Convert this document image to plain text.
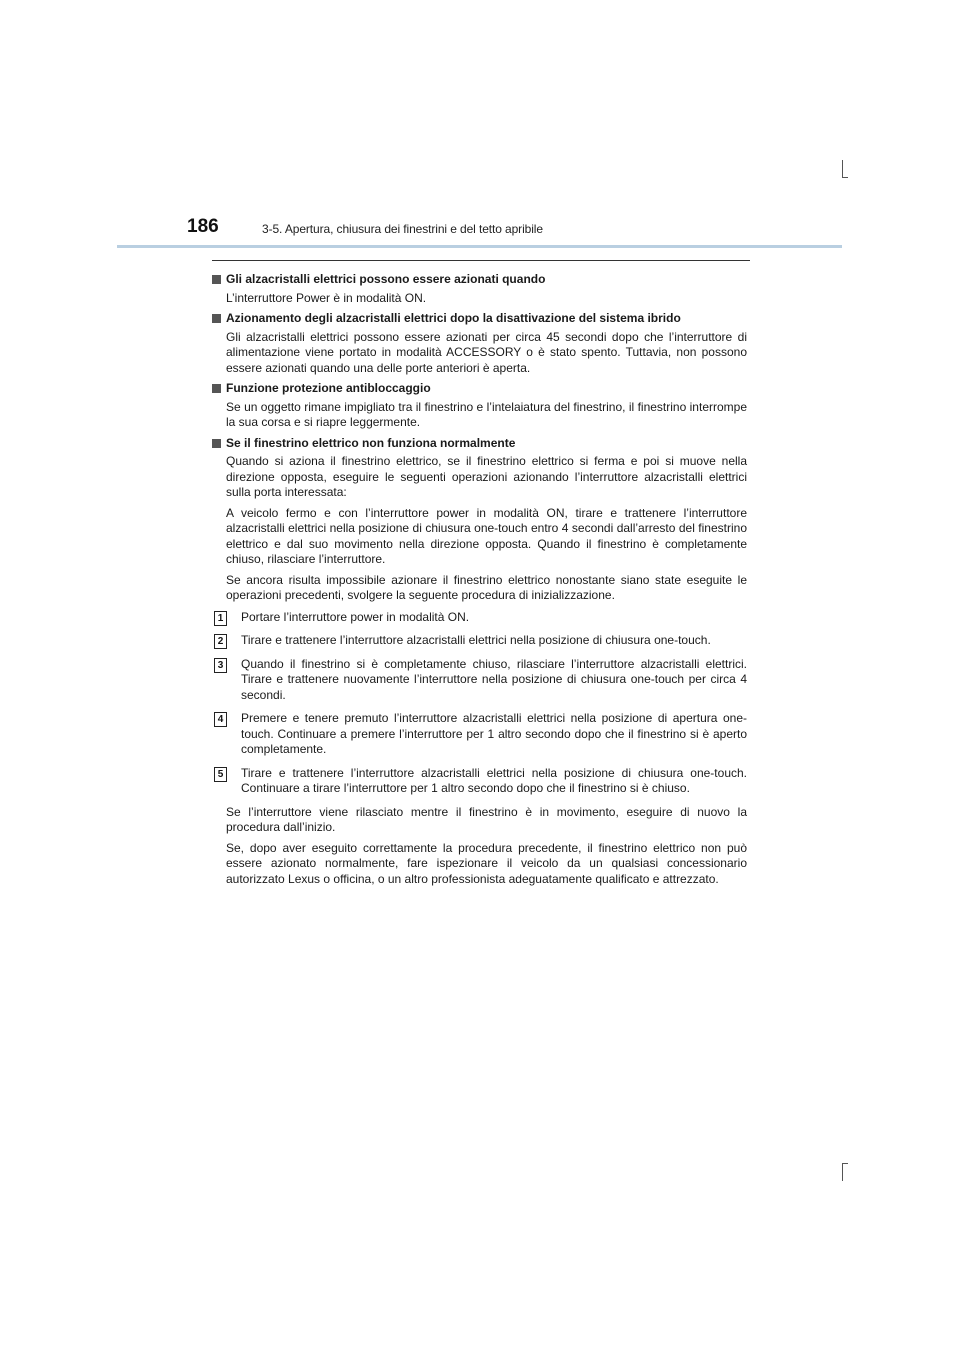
186	3-5. Apertura, chiusura dei finestrini e del tetto apribile
Gli alzacristalli elettrici possono essere azionati quando
L’interruttore Power è in modalità ON.
Azionamento degli alzacristalli elettrici dopo la disattivazione del sistema ibrido
Gli alzacristalli elettrici possono essere azionati per circa 45 secondi dopo che l’interruttore di alimentazione viene portato in modalità ACCESSORY o è stato spento. Tuttavia, non possono essere azionati quando una delle porte anteriori è aperta.
Funzione protezione antibloccaggio
Se un oggetto rimane impigliato tra il finestrino e l’intelaiatura del finestrino, il finestrino interrompe la sua corsa e si riapre leggermente.
Se il finestrino elettrico non funziona normalmente
Quando si aziona il finestrino elettrico, se il finestrino elettrico si ferma e poi si muove nella direzione opposta, eseguire le seguenti operazioni azionando l’interruttore alzacristalli elettrici sulla porta interessata:
A veicolo fermo e con l’interruttore power in modalità ON, tirare e trattenere l’interruttore alzacristalli elettrici nella posizione di chiusura one-touch entro 4 secondi dall’arresto del finestrino elettrico e dal suo movimento nella direzione opposta. Quando il finestrino è completamente chiuso, rilasciare l’interruttore.
Se ancora risulta impossibile azionare il finestrino elettrico nonostante siano state eseguite le operazioni precedenti, svolgere la seguente procedura di inizializzazione.
1	Portare l’interruttore power in modalità ON.
2	Tirare e trattenere l’interruttore alzacristalli elettrici nella posizione di chiusura one-touch.
3	Quando il finestrino si è completamente chiuso, rilasciare l’interruttore alzacristalli elettrici. Tirare e trattenere nuovamente l’interruttore nella posizione di chiusura one-touch per circa 4 secondi.
4	Premere e tenere premuto l’interruttore alzacristalli elettrici nella posizione di apertura one-touch. Continuare a premere l’interruttore per 1 altro secondo dopo che il finestrino si è aperto completamente.
5	Tirare e trattenere l’interruttore alzacristalli elettrici nella posizione di chiusura one-touch. Continuare a tirare l’interruttore per 1 altro secondo dopo che il finestrino si è chiuso.
Se l’interruttore viene rilasciato mentre il finestrino è in movimento, eseguire di nuovo la procedura dall’inizio.
Se, dopo aver eseguito correttamente la procedura precedente, il finestrino elettrico non può essere azionato normalmente, fare ispezionare il veicolo da un qualsiasi concessionario autorizzato Lexus o officina, o un altro professionista adeguatamente qualificato e attrezzato.
